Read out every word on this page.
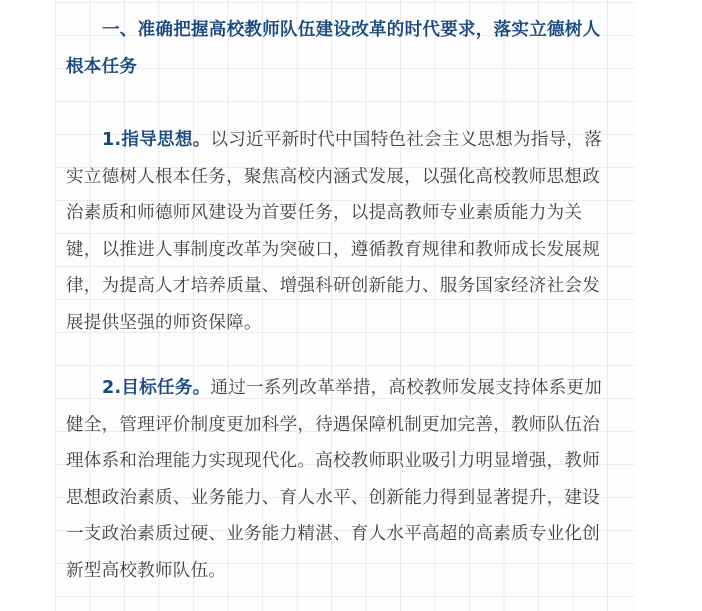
一、准确把握高校教师队伍建设改革的时代要求，落实立德树人
根本任务
1.指导思想。以习近平新时代中国特色社会主义思想为指导，落
实立德树人根本任务，聚焦高校内涵式发展，以强化高校教师思想政
治素质和师德师风建设为首要任务，以提高教师专业素质能力为关
键，以推进人事制度改革为突破口，遵循教育规律和教师成长发展规
律，为提高人才培养质量、增强科研创新能力、服务国家经济社会发
展提供坚强的师资保障。
2.目标任务。通过一系列改革举措，高校教师发展支持体系更加
健全，管理评价制度更加科学，待遇保障机制更加完善，教师队伍治
理体系和治理能力实现现代化。高校教师职业吸引力明显增强，教师
思想政治素质、业务能力、育人水平、创新能力得到显著提升，建设
一支政治素质过硬、业务能力精湛、育人水平高超的高素质专业化创
新型高校教师队伍。
